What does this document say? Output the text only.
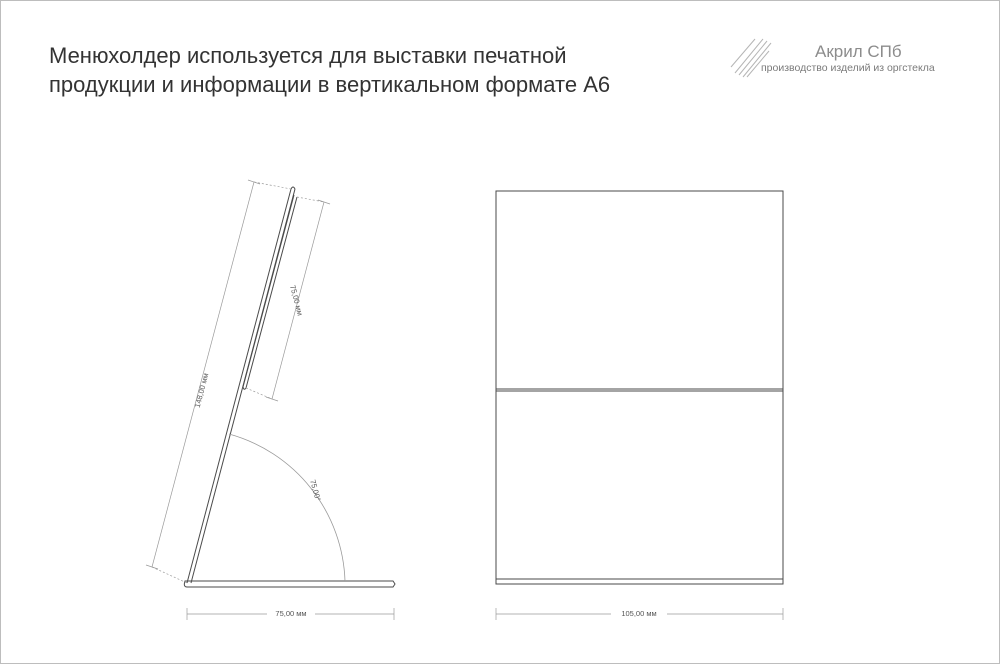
Менюхолдер используется для выставки печатной
продукции и информации в вертикальном формате А6
Акрил СПб
производство изделий из оргстекла
148,00 мм
75,00 мм
75,00°
75,00 мм	105,00 мм
